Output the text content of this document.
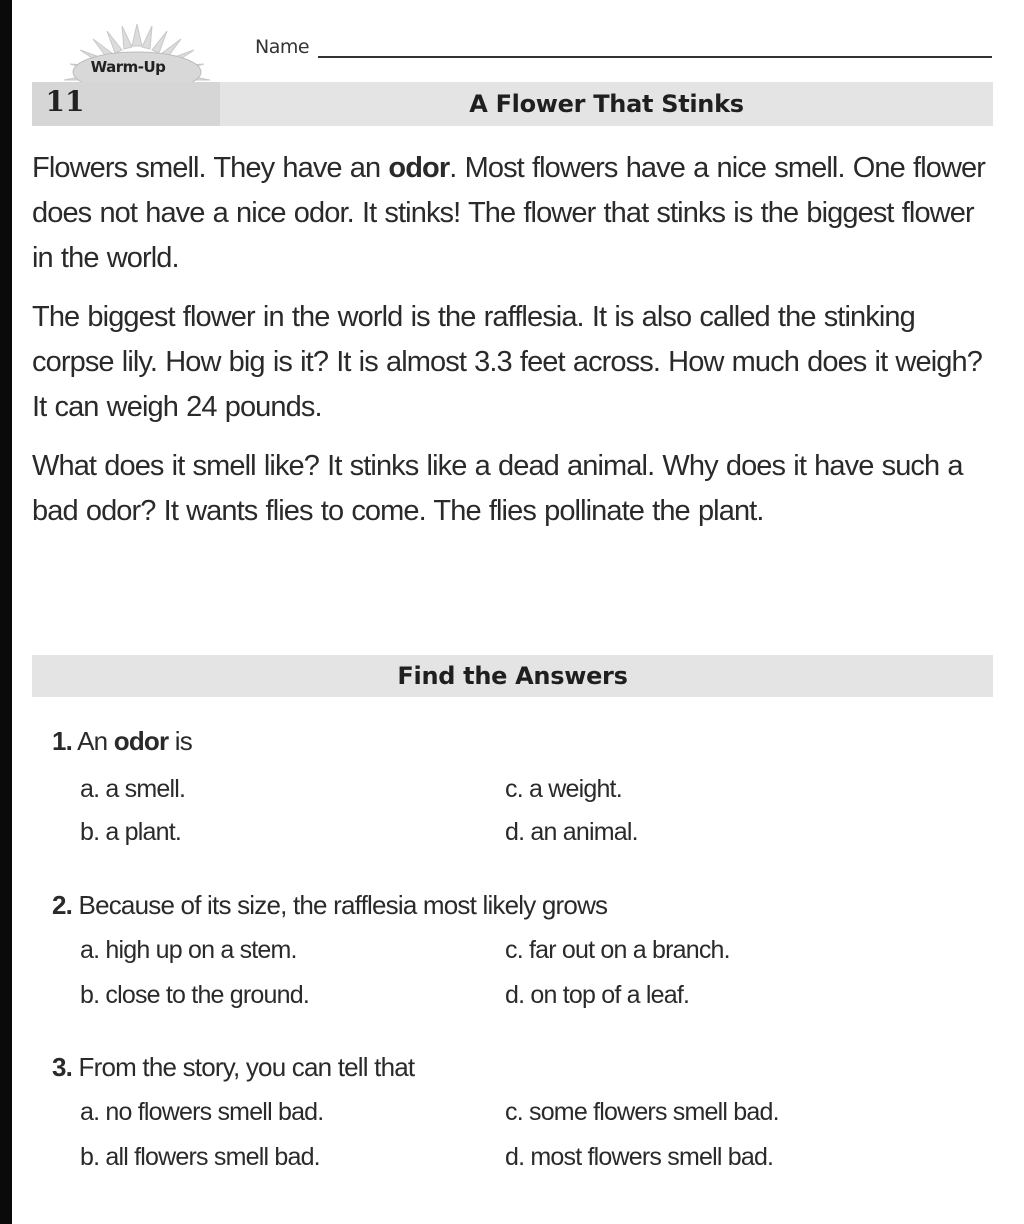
Warm-Up
Name
11	A Flower That Stinks

Flowers smell. They have an odor. Most flowers have a nice smell. One flower does not have a nice odor. It stinks! The flower that stinks is the biggest flower in the world.

The biggest flower in the world is the rafflesia. It is also called the stinking corpse lily. How big is it? It is almost 3.3 feet across. How much does it weigh? It can weigh 24 pounds.

What does it smell like? It stinks like a dead animal. Why does it have such a bad odor? It wants flies to come. The flies pollinate the plant.

Find the Answers
1. An odor is
a. a smell.	c. a weight.
b. a plant.	d. an animal.
2. Because of its size, the rafflesia most likely grows
a. high up on a stem.	c. far out on a branch.
b. close to the ground.	d. on top of a leaf.
3. From the story, you can tell that
a. no flowers smell bad.	c. some flowers smell bad.
b. all flowers smell bad.	d. most flowers smell bad.
